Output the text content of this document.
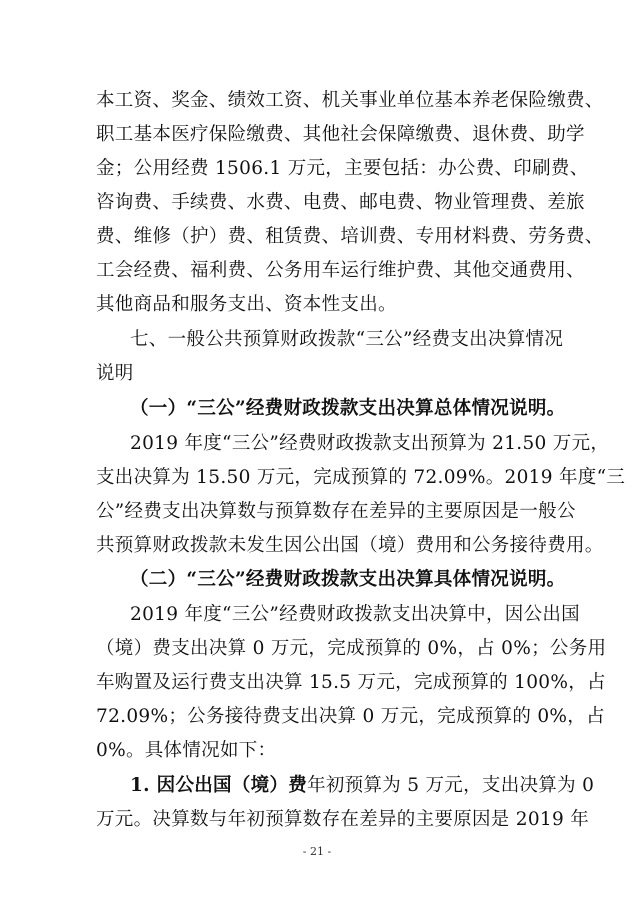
本工资、奖金、绩效工资、机关事业单位基本养老保险缴费、
职工基本医疗保险缴费、其他社会保障缴费、退休费、助学
金；公用经费 1506.1 万元，主要包括：办公费、印刷费、
咨询费、手续费、水费、电费、邮电费、物业管理费、差旅
费、维修（护）费、租赁费、培训费、专用材料费、劳务费、
工会经费、福利费、公务用车运行维护费、其他交通费用、
其他商品和服务支出、资本性支出。
七、一般公共预算财政拨款“三公”经费支出决算情况
说明
（一）“三公”经费财政拨款支出决算总体情况说明。
2019 年度“三公”经费财政拨款支出预算为 21.50 万元，
支出决算为 15.50 万元，完成预算的 72.09%。2019 年度“三
公”经费支出决算数与预算数存在差异的主要原因是一般公
共预算财政拨款未发生因公出国（境）费用和公务接待费用。
（二）“三公”经费财政拨款支出决算具体情况说明。
2019 年度“三公”经费财政拨款支出决算中，因公出国
（境）费支出决算 0 万元，完成预算的 0%，占 0%；公务用
车购置及运行费支出决算 15.5 万元，完成预算的 100%，占
72.09%；公务接待费支出决算 0 万元，完成预算的 0%，占
0%。具体情况如下：
1. 因公出国（境）费年初预算为 5 万元，支出决算为 0
万元。决算数与年初预算数存在差异的主要原因是 2019 年
- 21 -
